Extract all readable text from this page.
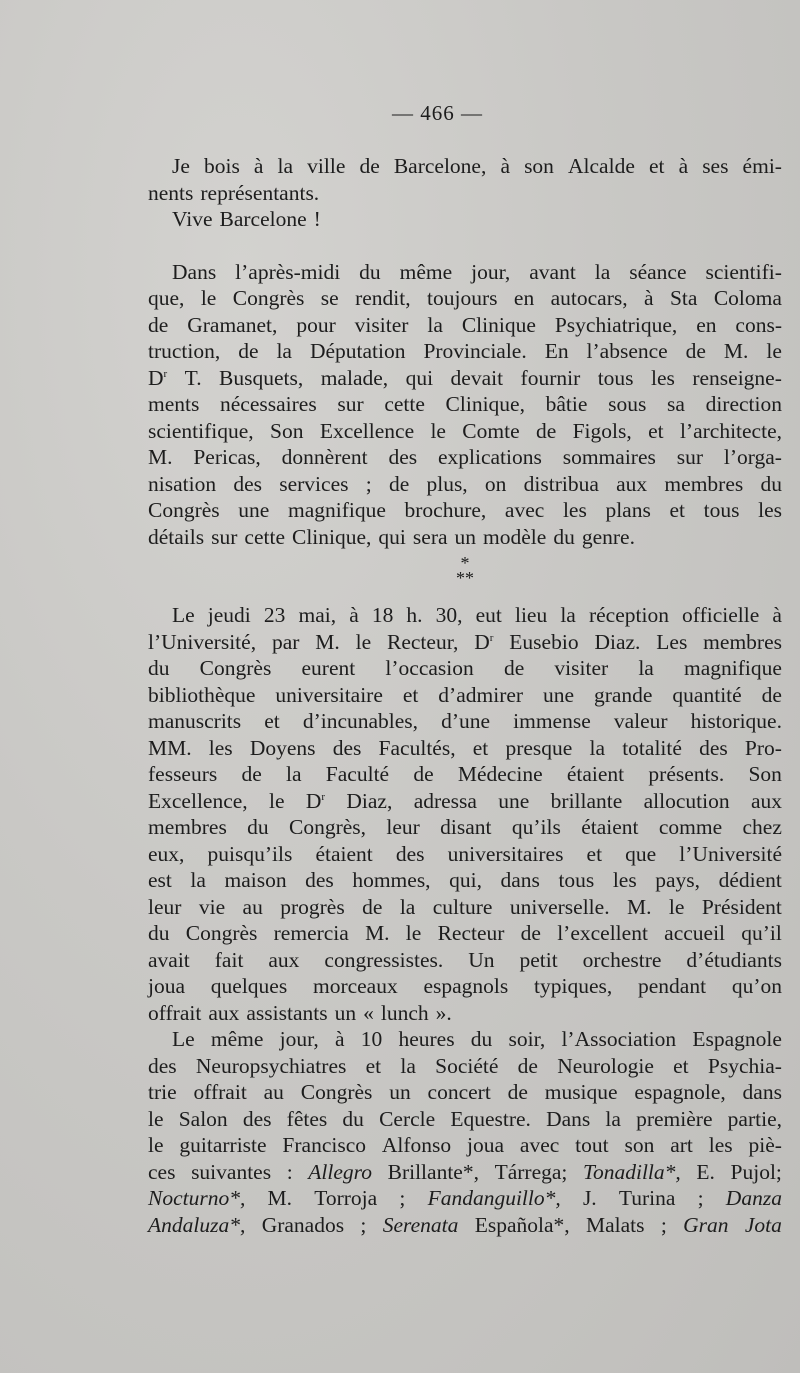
— 466 —
Je bois à la ville de Barcelone, à son Alcalde et à ses émi-
nents représentants.
Vive Barcelone !
Dans l’après-midi du même jour, avant la séance scientifi-
que, le Congrès se rendit, toujours en autocars, à Sta Coloma
de Gramanet, pour visiter la Clinique Psychiatrique, en cons-
truction, de la Députation Provinciale. En l’absence de M. le
$D^r$ T. Busquets, malade, qui devait fournir tous les renseigne-
ments nécessaires sur cette Clinique, bâtie sous sa direction
scientifique, Son Excellence le Comte de Figols, et l’architecte,
M. Pericas, donnèrent des explications sommaires sur l’orga-
nisation des services ; de plus, on distribua aux membres du
Congrès une magnifique brochure, avec les plans et tous les
détails sur cette Clinique, qui sera un modèle du genre.
*
**
Le jeudi 23 mai, à 18 h. 30, eut lieu la réception officielle à
l’Université, par M. le Recteur, $D^r$ Eusebio Diaz. Les membres
du Congrès eurent l’occasion de visiter la magnifique
bibliothèque universitaire et d’admirer une grande quantité de
manuscrits et d’incunables, d’une immense valeur historique.
MM. les Doyens des Facultés, et presque la totalité des Pro-
fesseurs de la Faculté de Médecine étaient présents. Son
Excellence, le $D^r$ Diaz, adressa une brillante allocution aux
membres du Congrès, leur disant qu’ils étaient comme chez
eux, puisqu’ils étaient des universitaires et que l’Université
est la maison des hommes, qui, dans tous les pays, dédient
leur vie au progrès de la culture universelle. M. le Président
du Congrès remercia M. le Recteur de l’excellent accueil qu’il
avait fait aux congressistes. Un petit orchestre d’étudiants
joua quelques morceaux espagnols typiques, pendant qu’on
offrait aux assistants un « lunch ».
Le même jour, à 10 heures du soir, l’Association Espagnole
des Neuropsychiatres et la Société de Neurologie et Psychia-
trie offrait au Congrès un concert de musique espagnole, dans
le Salon des fêtes du Cercle Equestre. Dans la première partie,
le guitarriste Francisco Alfonso joua avec tout son art les piè-
ces suivantes : Allegro Brillante*, Tárrega; Tonadilla*, E. Pujol;
Nocturno*, M. Torroja ; Fandanguillo*, J. Turina ; Danza
Andaluza*, Granados ; Serenata Española*, Malats ; Gran Jota
